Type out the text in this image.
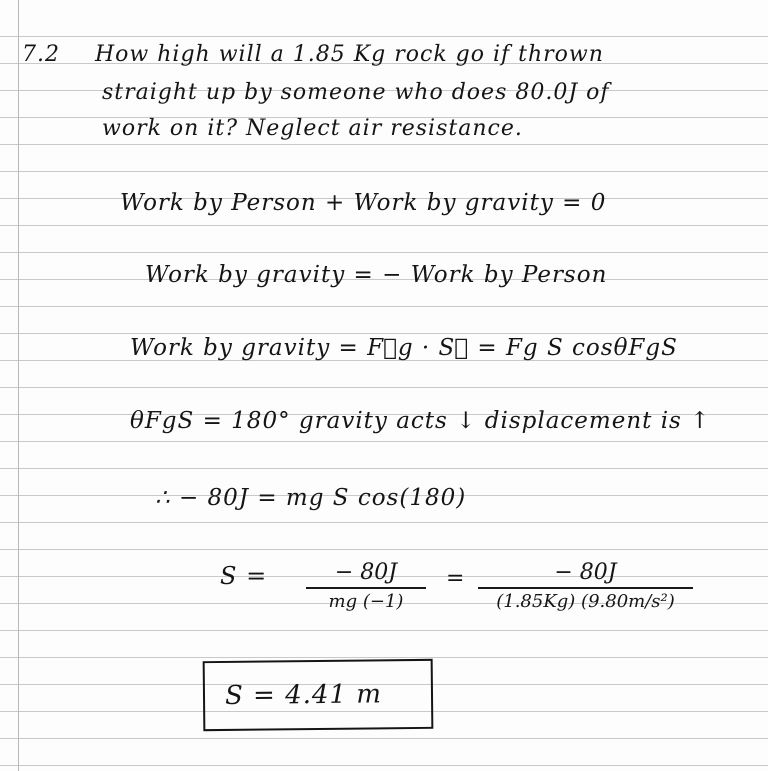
7.2 How high will a 1.85 Kg rock go if thrown
straight up by someone who does 80.0J of
work on it? Neglect air resistance.
Work by Person + Work by gravity = 0
Work by gravity = − Work by Person
Work by gravity = F⃗g · S⃗ = Fg S cosθFgS
θFgS = 180° gravity acts ↓ displacement is ↑
∴ − 80J = mg S cos(180)
S =	− 80J
mg (−1)
=	− 80J
(1.85Kg) (9.80m/s²)
S = 4.41 m
